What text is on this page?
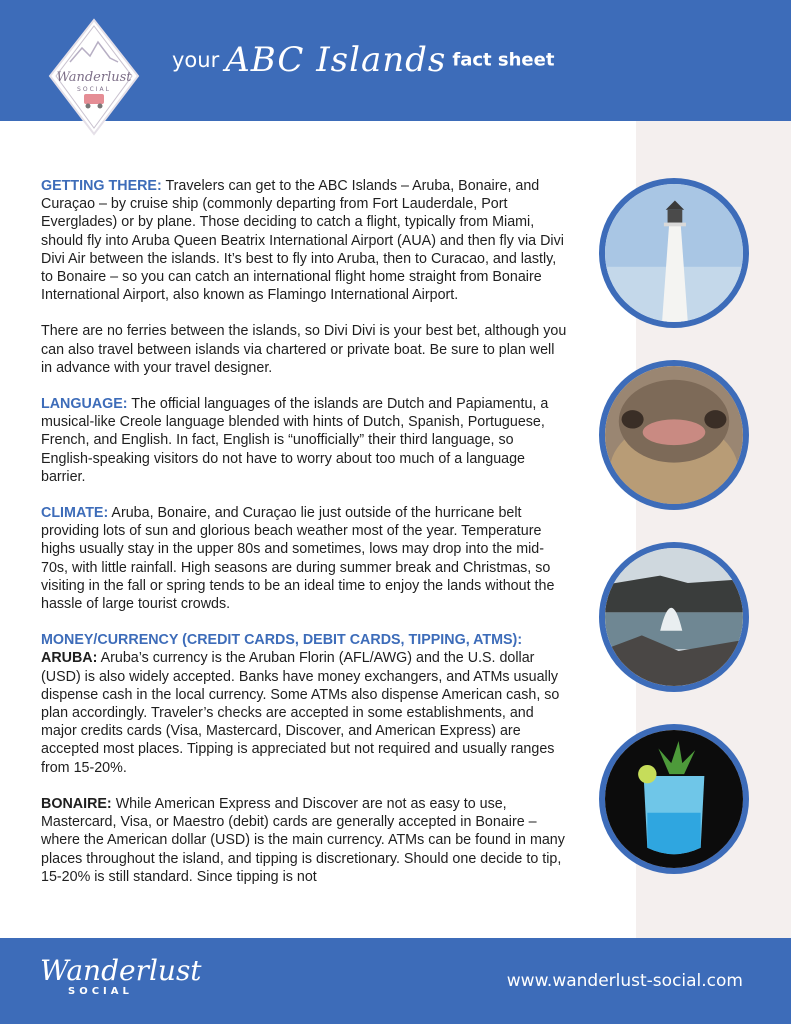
Wanderlust
SOCIAL
your ABC Islands fact sheet

GETTING THERE: Travelers can get to the ABC Islands – Aruba, Bonaire, and Curaçao – by cruise ship (commonly departing from Fort Lauderdale, Port Everglades) or by plane. Those deciding to catch a flight, typically from Miami, should fly into Aruba Queen Beatrix International Airport (AUA) and then fly via Divi Divi Air between the islands. It’s best to fly into Aruba, then to Curacao, and lastly, to Bonaire – so you can catch an international flight home straight from Bonaire International Airport, also known as Flamingo International Airport.

There are no ferries between the islands, so Divi Divi is your best bet, although you can also travel between islands via chartered or private boat. Be sure to plan well in advance with your travel designer.

LANGUAGE: The official languages of the islands are Dutch and Papiamentu, a musical-like Creole language blended with hints of Dutch, Spanish, Portuguese, French, and English. In fact, English is “unofficially” their third language, so English-speaking visitors do not have to worry about too much of a language barrier.

CLIMATE: Aruba, Bonaire, and Curaçao lie just outside of the hurricane belt providing lots of sun and glorious beach weather most of the year. Temperature highs usually stay in the upper 80s and sometimes, lows may drop into the mid-70s, with little rainfall. High seasons are during summer break and Christmas, so visiting in the fall or spring tends to be an ideal time to enjoy the lands without the hassle of large tourist crowds.

MONEY/CURRENCY (CREDIT CARDS, DEBIT CARDS, TIPPING, ATMS):

ARUBA: Aruba’s currency is the Aruban Florin (AFL/AWG) and the U.S. dollar (USD) is also widely accepted. Banks have money exchangers, and ATMs usually dispense cash in the local currency. Some ATMs also dispense American cash, so plan accordingly. Traveler’s checks are accepted in some establishments, and major credits cards (Visa, Mastercard, Discover, and American Express) are accepted most places. Tipping is appreciated but not required and usually ranges from 15-20%.

BONAIRE: While American Express and Discover are not as easy to use, Mastercard, Visa, or Maestro (debit) cards are generally accepted in Bonaire – where the American dollar (USD) is the main currency. ATMs can be found in many places throughout the island, and tipping is discretionary. Should one decide to tip, 15-20% is still standard. Since tipping is not

Wanderlust
SOCIAL
www.wanderlust-social.com
